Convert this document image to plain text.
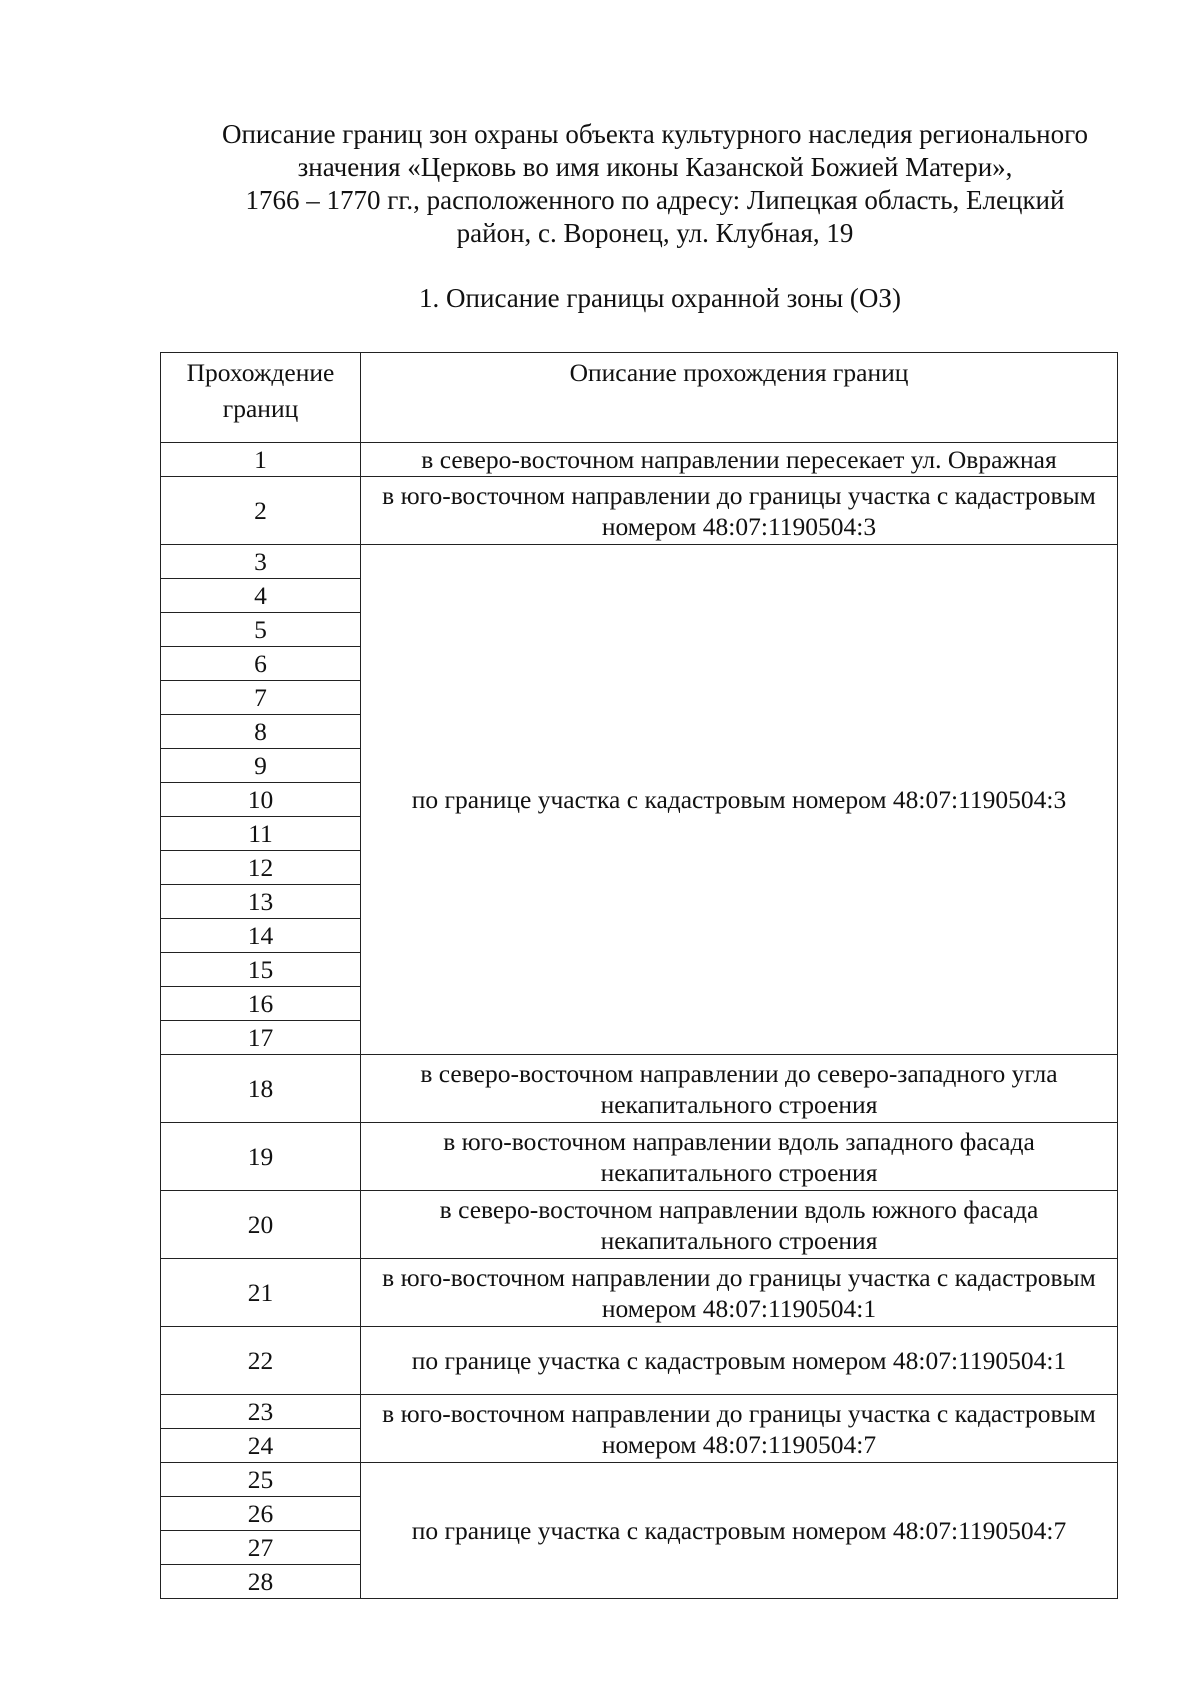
Описание границ зон охраны объекта культурного наследия регионального
значения «Церковь во имя иконы Казанской Божией Матери»,
1766 – 1770 гг., расположенного по адресу: Липецкая область, Елецкий
район, с. Воронец, ул. Клубная, 19
1. Описание границы охранной зоны (ОЗ)
Прохождение границ	Описание прохождения границ
1	в северо-восточном направлении пересекает ул. Овражная
2	в юго-восточном направлении до границы участка с кадастровым номером 48:07:1190504:3
3	по границе участка с кадастровым номером 48:07:1190504:3
4	
5	
6	
7	
8	
9	
10	
11	
12	
13	
14	
15	
16	
17	
18	в северо-восточном направлении до северо-западного угла некапитального строения
19	в юго-восточном направлении вдоль западного фасада некапитального строения
20	в северо-восточном направлении вдоль южного фасада некапитального строения
21	в юго-восточном направлении до границы участка с кадастровым номером 48:07:1190504:1
22	по границе участка с кадастровым номером 48:07:1190504:1
23	в юго-восточном направлении до границы участка с кадастровым номером 48:07:1190504:7
24	
25	по границе участка с кадастровым номером 48:07:1190504:7
26	
27	
28	
